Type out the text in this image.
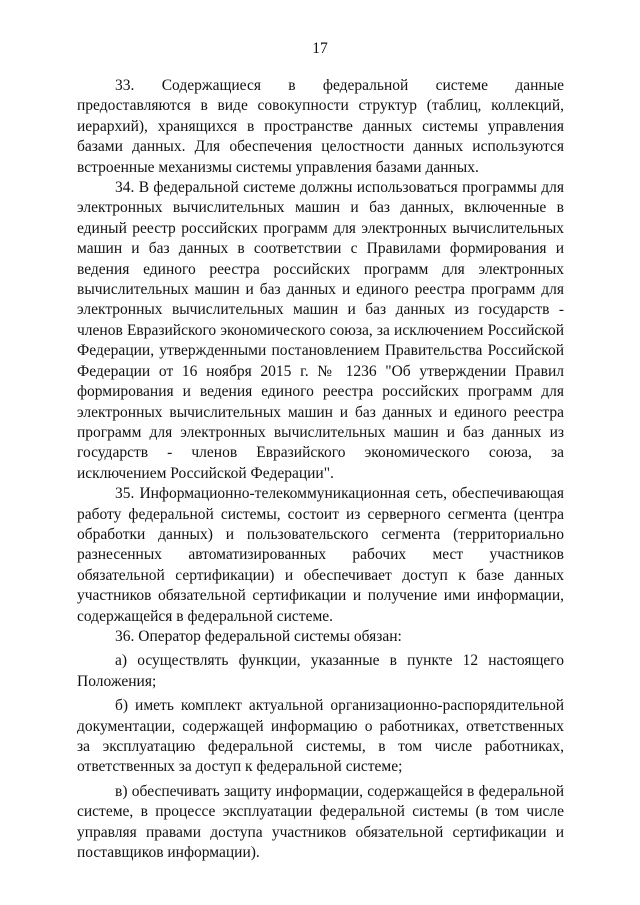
17

33. Содержащиеся в федеральной системе данные предоставляются в виде совокупности структур (таблиц, коллекций, иерархий), хранящихся в пространстве данных системы управления базами данных. Для обеспечения целостности данных используются встроенные механизмы системы управления базами данных.

34. В федеральной системе должны использоваться программы для электронных вычислительных машин и баз данных, включенные в единый реестр российских программ для электронных вычислительных машин и баз данных в соответствии с Правилами формирования и ведения единого реестра российских программ для электронных вычислительных машин и баз данных и единого реестра программ для электронных вычислительных машин и баз данных из государств - членов Евразийского экономического союза, за исключением Российской Федерации, утвержденными постановлением Правительства Российской Федерации от 16 ноября 2015 г. № 1236 "Об утверждении Правил формирования и ведения единого реестра российских программ для электронных вычислительных машин и баз данных и единого реестра программ для электронных вычислительных машин и баз данных из государств - членов Евразийского экономического союза, за исключением Российской Федерации".

35. Информационно-телекоммуникационная сеть, обеспечивающая работу федеральной системы, состоит из серверного сегмента (центра обработки данных) и пользовательского сегмента (территориально разнесенных автоматизированных рабочих мест участников обязательной сертификации) и обеспечивает доступ к базе данных участников обязательной сертификации и получение ими информации, содержащейся в федеральной системе.

36. Оператор федеральной системы обязан:

а) осуществлять функции, указанные в пункте 12 настоящего Положения;

б) иметь комплект актуальной организационно-распорядительной документации, содержащей информацию о работниках, ответственных за эксплуатацию федеральной системы, в том числе работниках, ответственных за доступ к федеральной системе;

в) обеспечивать защиту информации, содержащейся в федеральной системе, в процессе эксплуатации федеральной системы (в том числе управляя правами доступа участников обязательной сертификации и поставщиков информации).
